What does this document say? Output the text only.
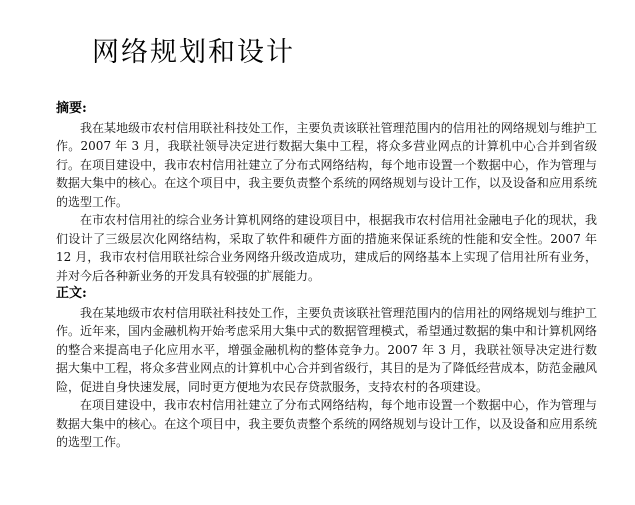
网络规划和设计
摘要:

我在某地级市农村信用联社科技处工作，主要负责该联社管理范围内的信用社的网络规划与维护工作。2007 年 3 月，我联社领导决定进行数据大集中工程，将众多营业网点的计算机中心合并到省级行。在项目建设中，我市农村信用社建立了分布式网络结构，每个地市设置一个数据中心，作为管理与数据大集中的核心。在这个项目中，我主要负责整个系统的网络规划与设计工作，以及设备和应用系统的选型工作。

在市农村信用社的综合业务计算机网络的建设项目中，根据我市农村信用社金融电子化的现状，我们设计了三级层次化网络结构，采取了软件和硬件方面的措施来保证系统的性能和安全性。2007 年 12 月，我市农村信用联社综合业务网络升级改造成功，建成后的网络基本上实现了信用社所有业务，并对今后各种新业务的开发具有较强的扩展能力。

正文:

我在某地级市农村信用联社科技处工作，主要负责该联社管理范围内的信用社的网络规划与维护工作。近年来，国内金融机构开始考虑采用大集中式的数据管理模式，希望通过数据的集中和计算机网络的整合来提高电子化应用水平，增强金融机构的整体竞争力。2007 年 3 月，我联社领导决定进行数据大集中工程，将众多营业网点的计算机中心合并到省级行，其目的是为了降低经营成本，防范金融风险，促进自身快速发展，同时更方便地为农民存贷款服务，支持农村的各项建设。

在项目建设中，我市农村信用社建立了分布式网络结构，每个地市设置一个数据中心，作为管理与数据大集中的核心。在这个项目中，我主要负责整个系统的网络规划与设计工作，以及设备和应用系统的选型工作。
